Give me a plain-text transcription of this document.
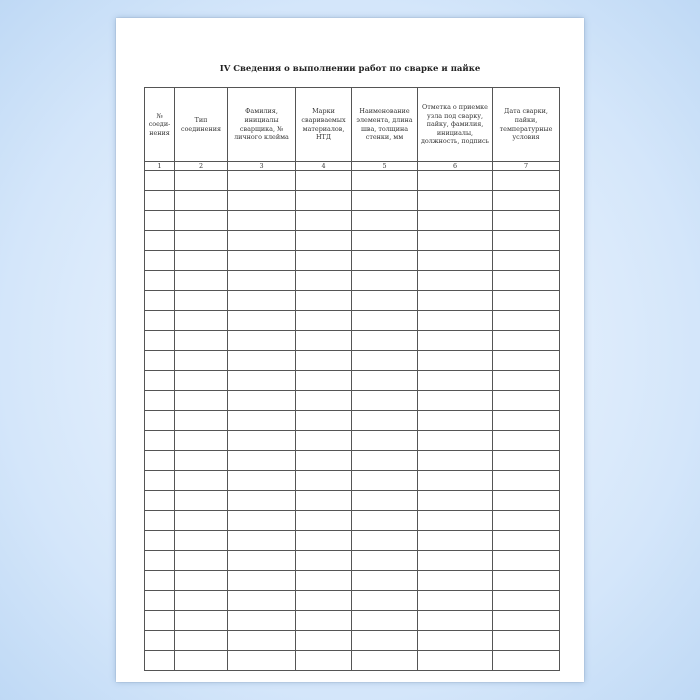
IV Сведения о выполнении работ по сварке и пайке
№ соеди-нения	Тип соединения	Фамилия, инициалы сварщика, № личного клейма	Марки свариваемых материалов, НТД	Наименование элемента, длина шва, толщина стенки, мм	Отметка о приемке узла под сварку, пайку, фамилия, инициалы, должность, подпись	Дата сварки, пайки, температурные условия
1	2	3	4	5	6	7
